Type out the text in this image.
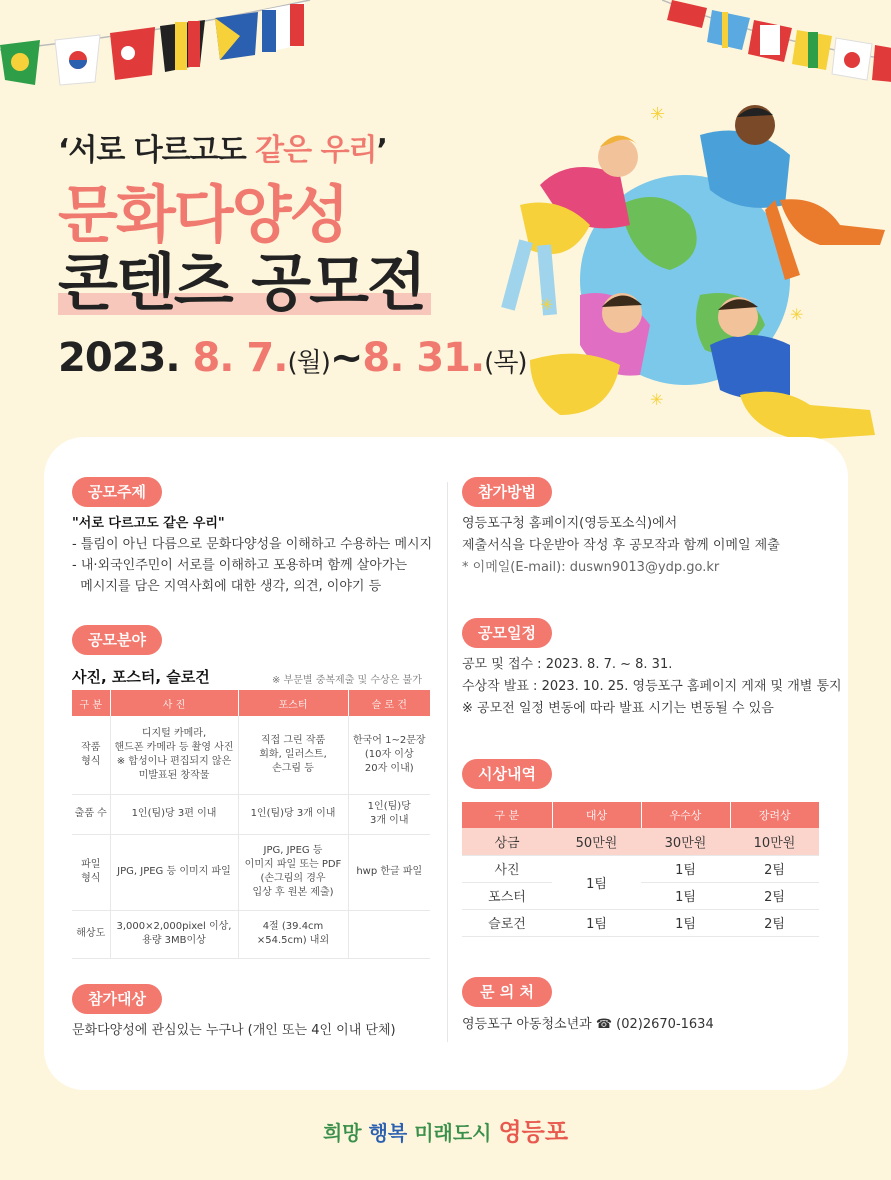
‘서로 다르고도 같은 우리’
문화다양성
콘텐츠 공모전
2023. 8. 7.(월)~8. 31.(목)
✳
✳
✳
✳
공모주제
"서로 다르고도 같은 우리"
- 틀림이 아닌 다름으로 문화다양성을 이해하고 수용하는 메시지
- 내·외국인주민이 서로를 이해하고 포용하며 함께 살아가는
메시지를 담은 지역사회에 대한 생각, 의견, 이야기 등
공모분야
사진, 포스터, 슬로건	※ 부문별 중복제출 및 수상은 불가
구 분	사 진	포스터	슬 로 건
작품
형식	디지털 카메라,
핸드폰 카메라 등 촬영 사진
※ 합성이나 편집되지 않은
미발표된 창작물	직접 그린 작품
회화, 일러스트,
손그림 등	한국어 1~2문장
(10자 이상
20자 이내)
출품 수	1인(팀)당 3편 이내	1인(팀)당 3개 이내	1인(팀)당
3개 이내
파일
형식	JPG, JPEG 등 이미지 파일	JPG, JPEG 등
이미지 파일 또는 PDF
(손그림의 경우
입상 후 원본 제출)	hwp 한글 파일
해상도	3,000×2,000pixel 이상,
용량 3MB이상	4절 (39.4cm
×54.5cm) 내외	
참가대상
문화다양성에 관심있는 누구나 (개인 또는 4인 이내 단체)
참가방법
영등포구청 홈페이지(영등포소식)에서
제출서식을 다운받아 작성 후 공모작과 함께 이메일 제출
* 이메일(E-mail): duswn9013@ydp.go.kr
공모일정
공모 및 접수 : 2023. 8. 7. ~ 8. 31.
수상작 발표 : 2023. 10. 25. 영등포구 홈페이지 게재 및 개별 통지
※ 공모전 일정 변동에 따라 발표 시기는 변동될 수 있음
시상내역
구 분	대상	우수상	장려상
상금	50만원	30만원	10만원
사진	1팀	1팀	2팀
포스터		1팀	2팀
슬로건	1팀	1팀	2팀
문 의 처
영등포구 아동청소년과 ☎ (02)2670-1634
희망 행복 미래도시 영등포
